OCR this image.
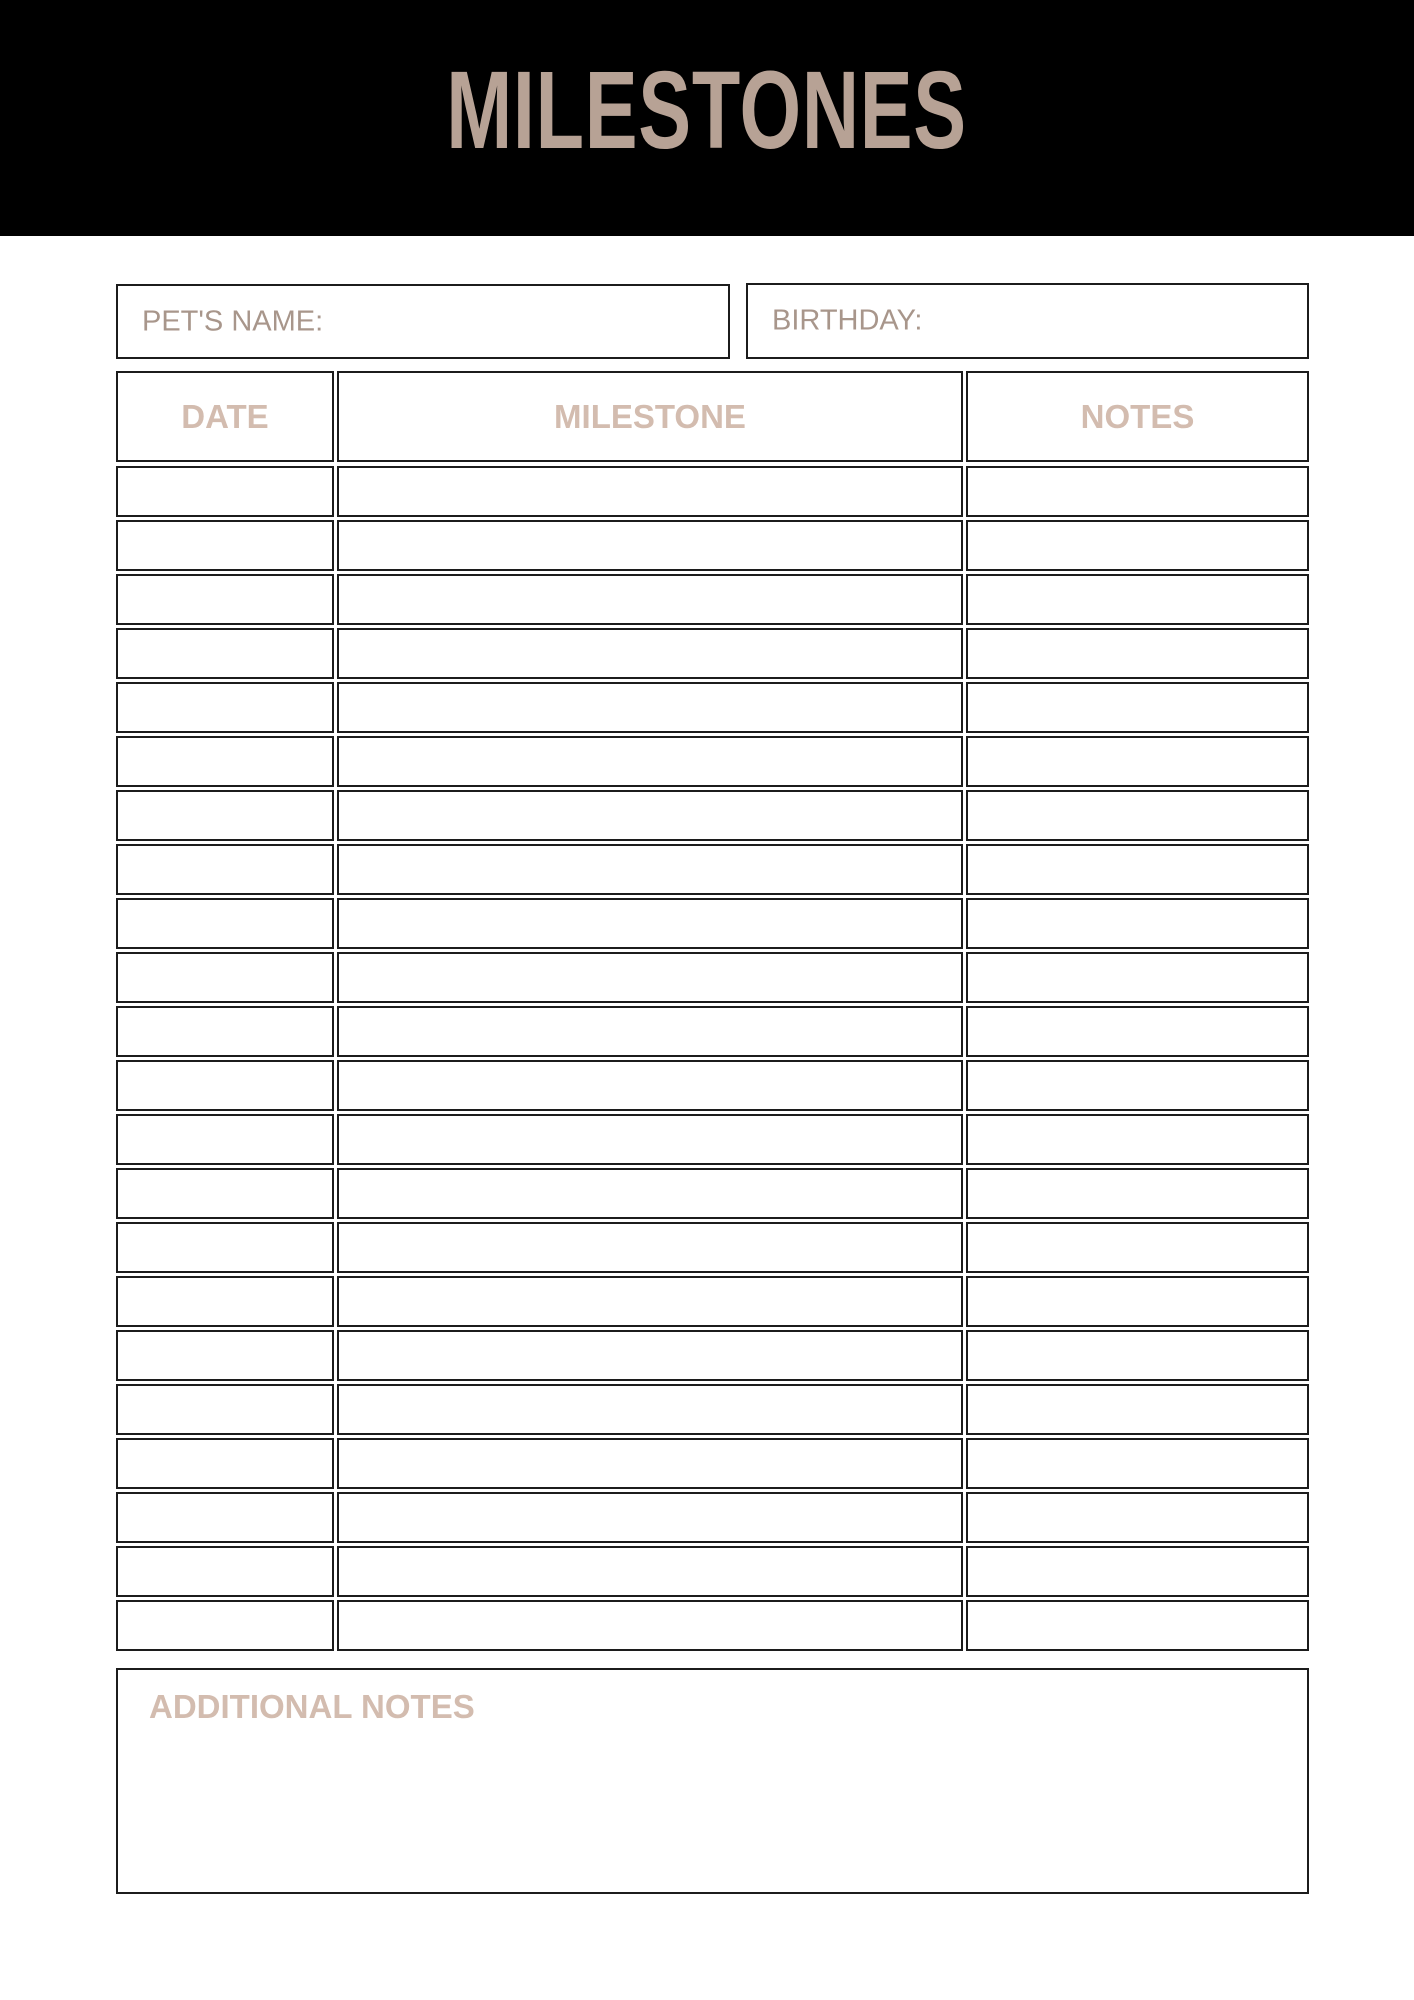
MILESTONES
PET'S NAME:	BIRTHDAY:
DATE	MILESTONE	NOTES
ADDITIONAL NOTES
